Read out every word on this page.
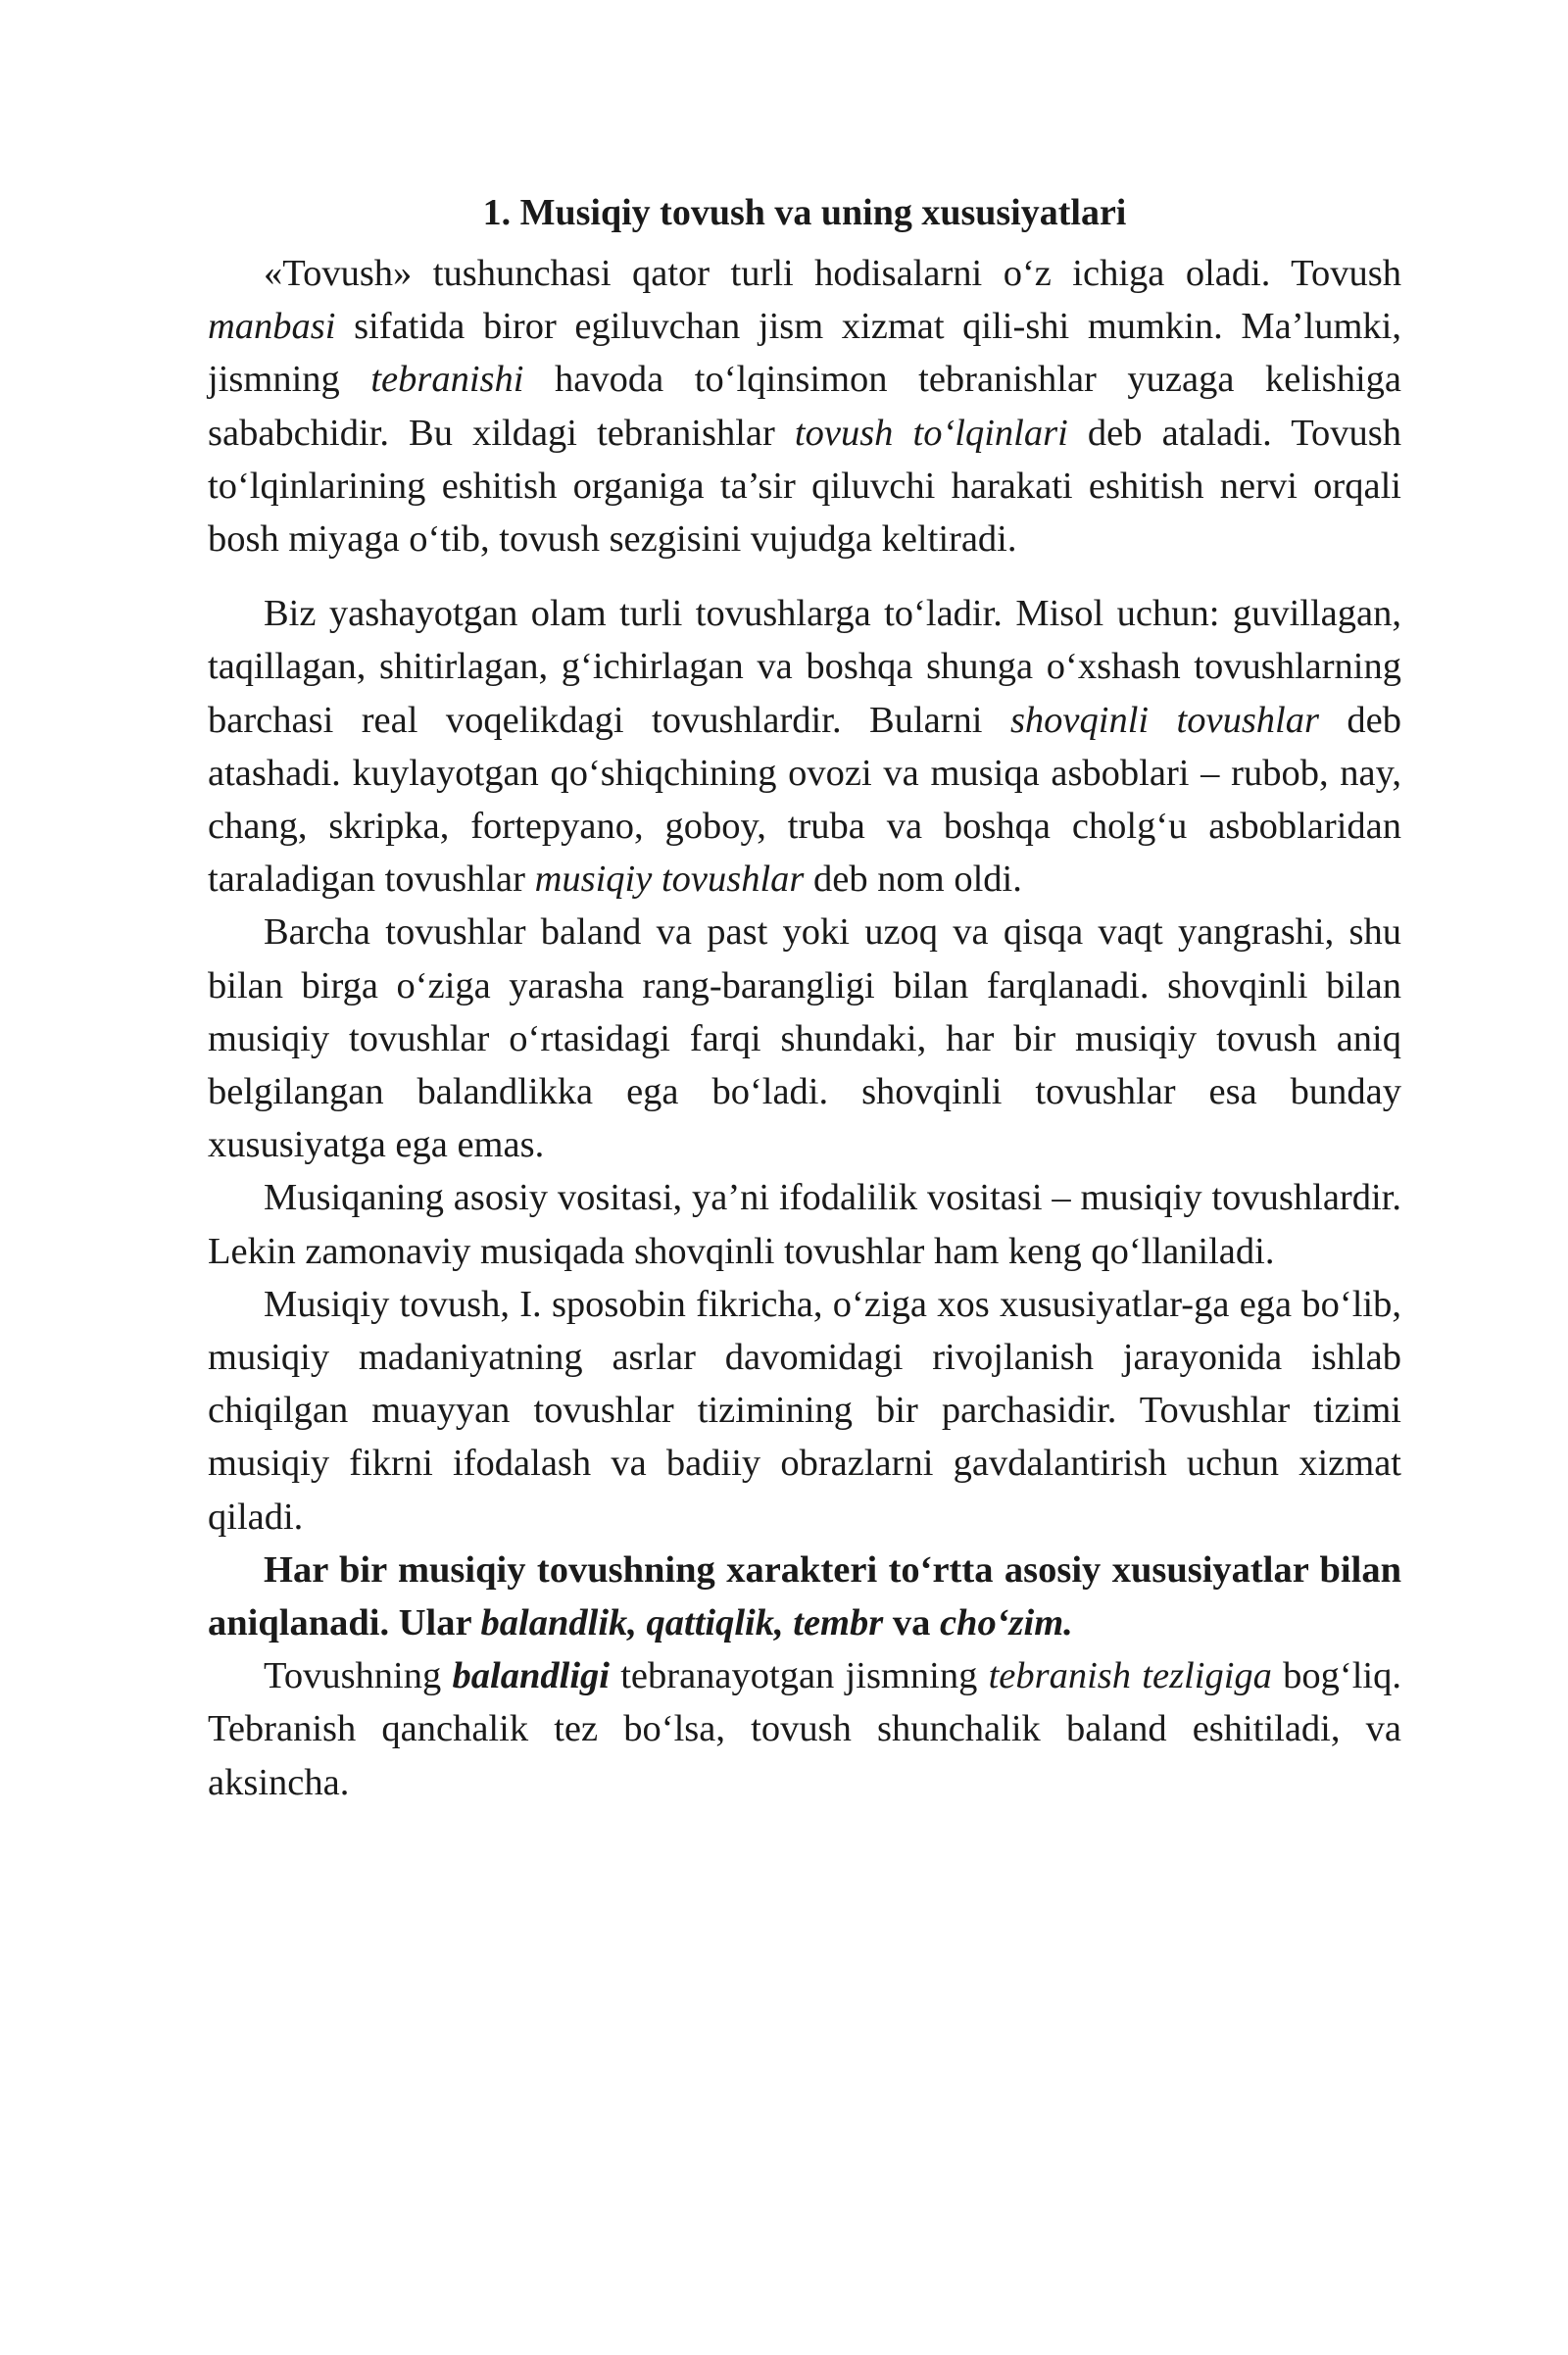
1. Musiqiy tovush va uning xususiyatlari

«Tovush» tushunchasi qator turli hodisalarni o‘z ichiga oladi. Tovush manbasi sifatida biror egiluvchan jism xizmat qili-shi mumkin. Ma’lumki, jismning tebranishi havoda to‘lqinsimon tebranishlar yuzaga kelishiga sababchidir. Bu xildagi tebranishlar tovush to‘lqinlari deb ataladi. Tovush to‘lqinlarining eshitish organiga ta’sir qiluvchi harakati eshitish nervi orqali bosh miyaga o‘tib, tovush sezgisini vujudga keltiradi.

Biz yashayotgan olam turli tovushlarga to‘ladir. Misol uchun: guvillagan, taqillagan, shitirlagan, g‘ichirlagan va boshqa shunga o‘xshash tovushlarning barchasi real voqelikdagi tovushlardir. Bularni shovqinli tovushlar deb atashadi. kuylayotgan qo‘shiqchining ovozi va musiqa asboblari – rubob, nay, chang, skripka, fortepyano, goboy, truba va boshqa cholg‘u asboblaridan taraladigan tovushlar musiqiy tovushlar deb nom oldi.

Barcha tovushlar baland va past yoki uzoq va qisqa vaqt yangrashi, shu bilan birga o‘ziga yarasha rang-barangligi bilan farqlanadi. shovqinli bilan musiqiy tovushlar o‘rtasidagi farqi shundaki, har bir musiqiy tovush aniq belgilangan balandlikka ega bo‘ladi. shovqinli tovushlar esa bunday xususiyatga ega emas.

Musiqaning asosiy vositasi, ya’ni ifodalilik vositasi – musiqiy tovushlardir. Lekin zamonaviy musiqada shovqinli tovushlar ham keng qo‘llaniladi.

Musiqiy tovush, I. sposobin fikricha, o‘ziga xos xususiyatlar-ga ega bo‘lib, musiqiy madaniyatning asrlar davomidagi rivojlanish jarayonida ishlab chiqilgan muayyan tovushlar tizimining bir parchasidir. Tovushlar tizimi musiqiy fikrni ifodalash va badiiy obrazlarni gavdalantirish uchun xizmat qiladi.

Har bir musiqiy tovushning xarakteri to‘rtta asosiy xususiyatlar bilan aniqlanadi. Ular balandlik, qattiqlik, tembr va cho‘zim.

Tovushning balandligi tebranayotgan jismning tebranish tezligiga bog‘liq. Tebranish qanchalik tez bo‘lsa, tovush shunchalik baland eshitiladi, va aksincha.
